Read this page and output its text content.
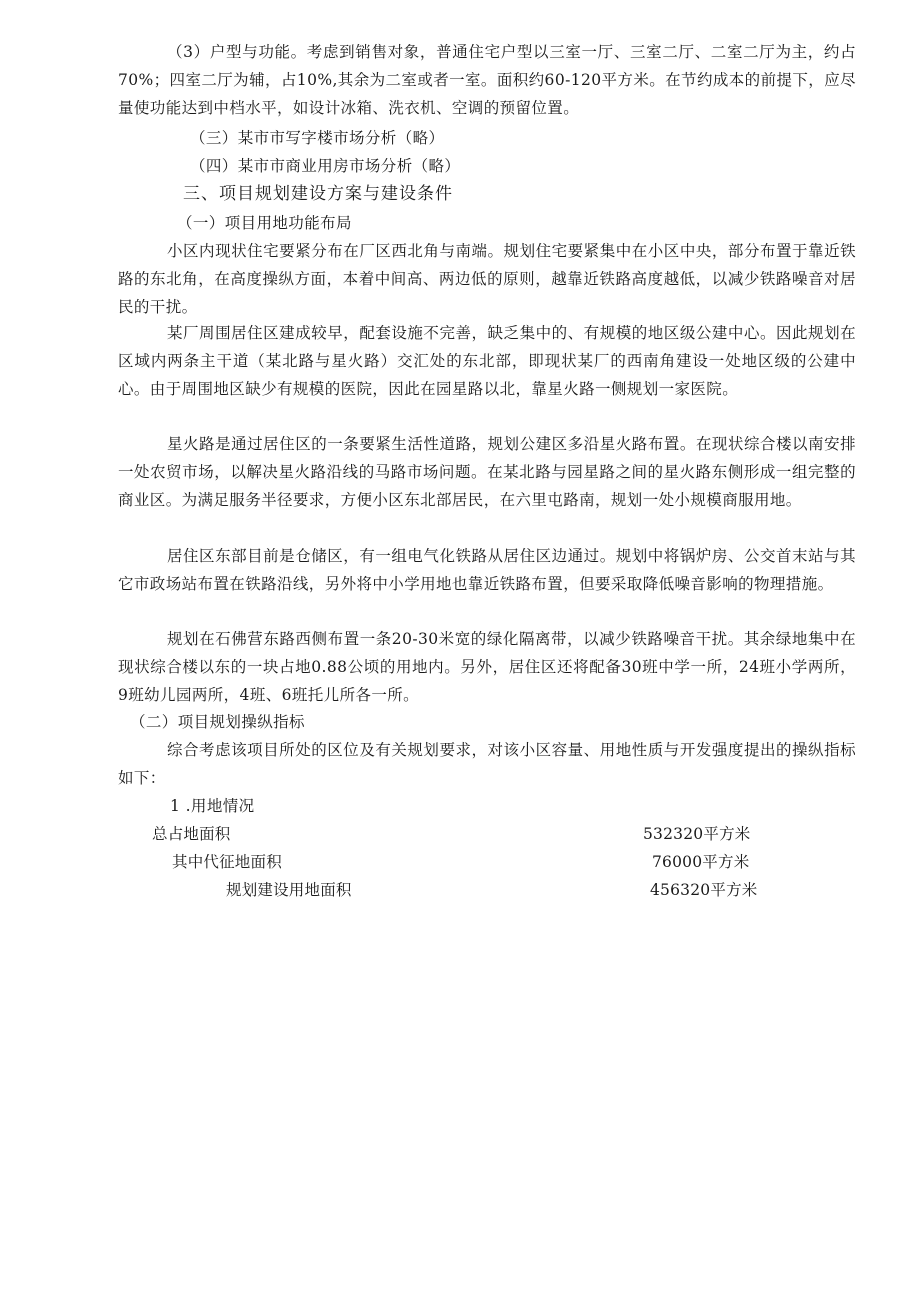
（3）户型与功能。考虑到销售对象，普通住宅户型以三室一厅、三室二厅、二室二厅为主，约占70%；四室二厅为辅，占10%,其余为二室或者一室。面积约60-120平方米。在节约成本的前提下，应尽量使功能达到中档水平，如设计冰箱、洗衣机、空调的预留位置。

（三）某市市写字楼市场分析（略）

（四）某市市商业用房市场分析（略）

三、项目规划建设方案与建设条件

（一）项目用地功能布局

小区内现状住宅要紧分布在厂区西北角与南端。规划住宅要紧集中在小区中央，部分布置于靠近铁路的东北角，在高度操纵方面，本着中间高、两边低的原则，越靠近铁路高度越低，以减少铁路噪音对居民的干扰。

某厂周围居住区建成较早，配套设施不完善，缺乏集中的、有规模的地区级公建中心。因此规划在区域内两条主干道（某北路与星火路）交汇处的东北部，即现状某厂的西南角建设一处地区级的公建中心。由于周围地区缺少有规模的医院，因此在园星路以北，靠星火路一侧规划一家医院。

星火路是通过居住区的一条要紧生活性道路，规划公建区多沿星火路布置。在现状综合楼以南安排一处农贸市场，以解决星火路沿线的马路市场问题。在某北路与园星路之间的星火路东侧形成一组完整的商业区。为满足服务半径要求，方便小区东北部居民，在六里屯路南，规划一处小规模商服用地。

居住区东部目前是仓储区，有一组电气化铁路从居住区边通过。规划中将锅炉房、公交首末站与其它市政场站布置在铁路沿线，另外将中小学用地也靠近铁路布置，但要采取降低噪音影响的物理措施。

规划在石佛营东路西侧布置一条20-30米宽的绿化隔离带，以减少铁路噪音干扰。其余绿地集中在现状综合楼以东的一块占地0.88公顷的用地内。另外，居住区还将配备30班中学一所，24班小学两所，9班幼儿园两所，4班、6班托儿所各一所。

（二）项目规划操纵指标

综合考虑该项目所处的区位及有关规划要求，对该小区容量、用地性质与开发强度提出的操纵指标如下：

1 .用地情况

总占地面积	532320平方米
其中代征地面积	76000平方米
规划建设用地面积	456320平方米
